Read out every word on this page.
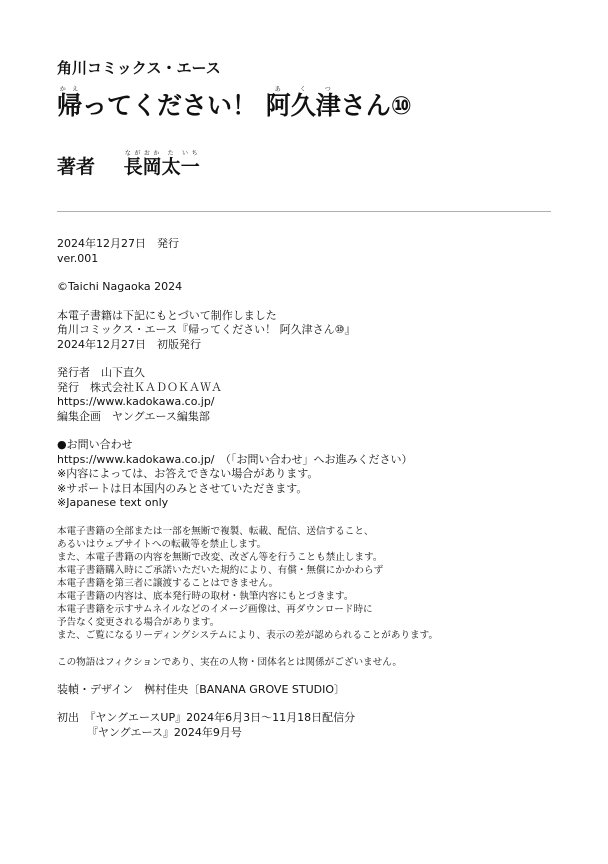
角川コミックス・エース
帰かえってください！ 阿あ久く津つさん⑩
著者 長なが岡おか太た一いち
2024年12月27日　発行
ver.001
©Taichi Nagaoka 2024
本電子書籍は下記にもとづいて制作しました
角川コミックス・エース『帰ってください！ 阿久津さん⑩』
2024年12月27日　初版発行
発行者　山下直久
発行　株式会社ＫＡＤＯＫＡＷＡ
https://www.kadokawa.co.jp/
編集企画　ヤングエース編集部
●お問い合わせ
https://www.kadokawa.co.jp/　（「お問い合わせ」へお進みください）
※内容によっては、お答えできない場合があります。
※サポートは日本国内のみとさせていただきます。
※Japanese text only
本電子書籍の全部または一部を無断で複製、転載、配信、送信すること、
あるいはウェブサイトへの転載等を禁止します。
また、本電子書籍の内容を無断で改変、改ざん等を行うことも禁止します。
本電子書籍購入時にご承諾いただいた規約により、有償・無償にかかわらず
本電子書籍を第三者に譲渡することはできません。
本電子書籍の内容は、底本発行時の取材・執筆内容にもとづきます。
本電子書籍を示すサムネイルなどのイメージ画像は、再ダウンロード時に
予告なく変更される場合があります。
また、ご覧になるリーディングシステムにより、表示の差が認められることがあります。
この物語はフィクションであり、実在の人物・団体名とは関係がございません。
装幀・デザイン　桝村佳央〔BANANA GROVE STUDIO〕
初出　『ヤングエースUP』2024年6月3日～11月18日配信分
『ヤングエース』2024年9月号
